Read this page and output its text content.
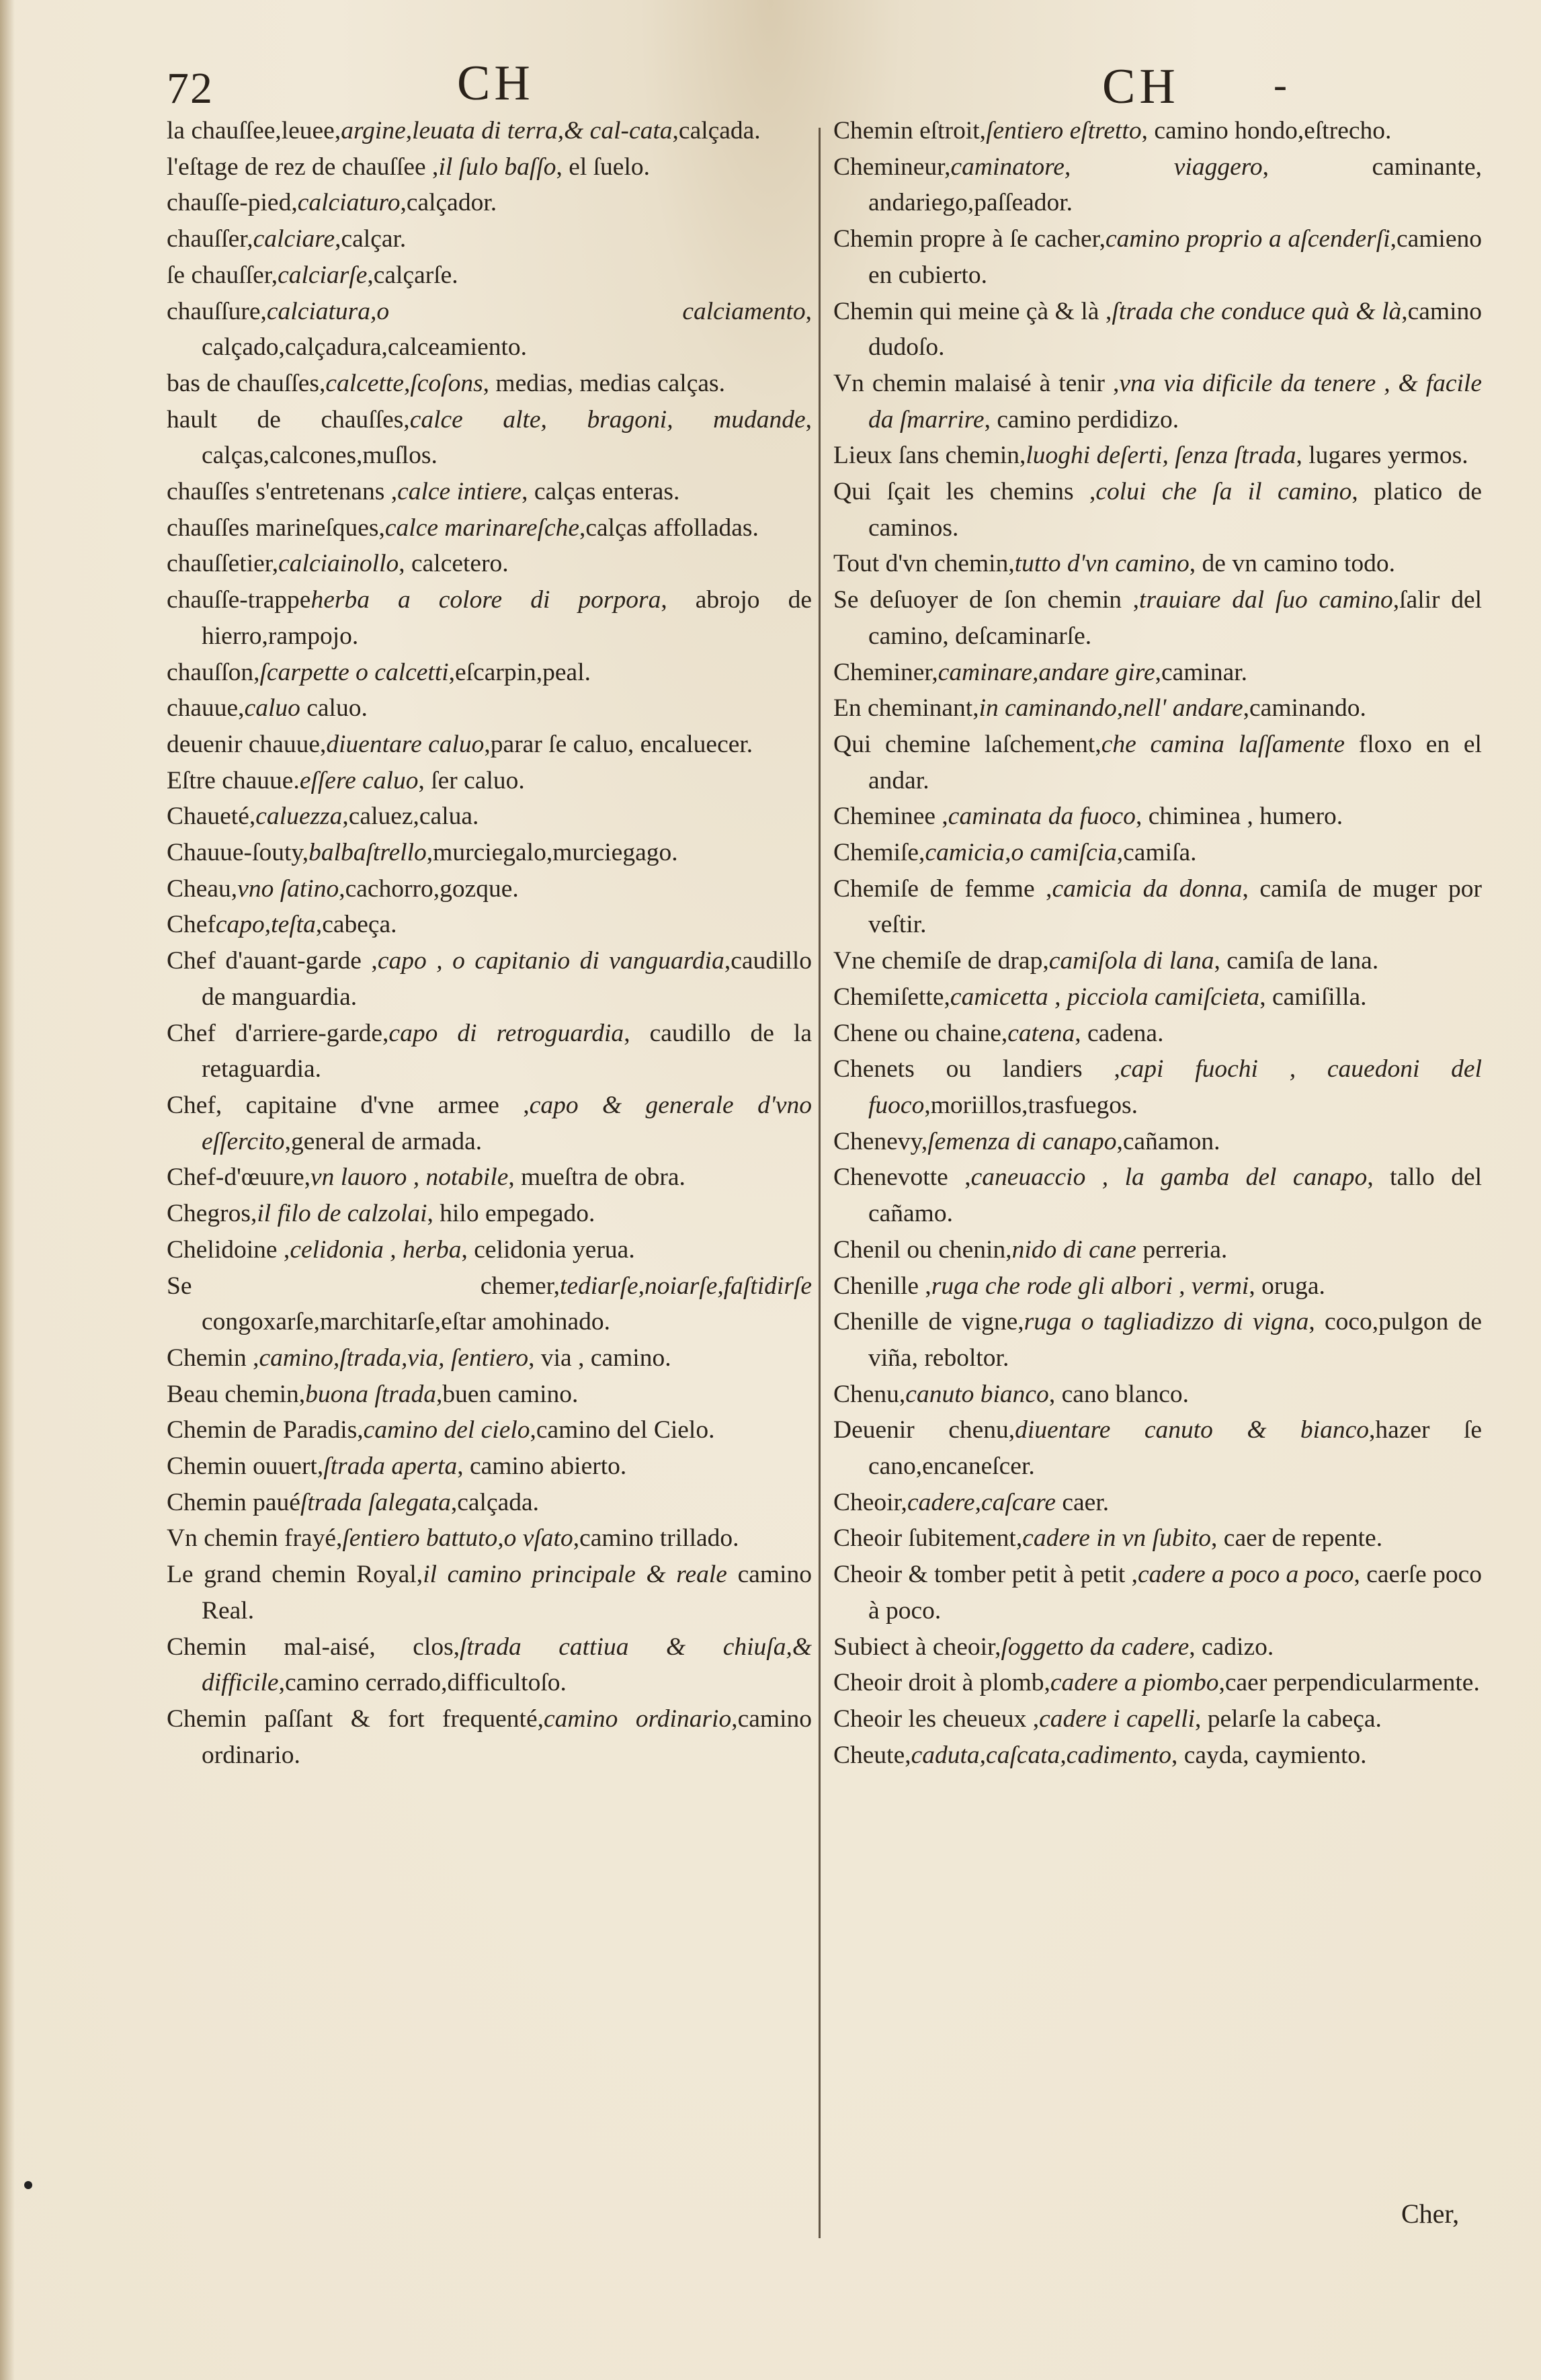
72	CH	CH -
la chauſſee,leuee,argine,leuata di terra,& cal-cata,calçada.
l'eſtage de rez de chauſſee ,il ſulo baſſo, el ſuelo.
chauſſe-pied,calciaturo,calçador.
chauſſer,calciare,calçar.
ſe chauſſer,calciarſe,calçarſe.
chauſſure,calciatura,o calciamento, calçado,calçadura,calceamiento.
bas de chauſſes,calcette,ſcoſons, medias, medias calças.
hault de chauſſes,calce alte, bragoni, mudande, calças,calcones,muſlos.
chauſſes s'entretenans ,calce intiere, calças enteras.
chauſſes marineſques,calce marinareſche,calças affolladas.
chauſſetier,calciainollo, calcetero.
chauſſe-trappeherba a colore di porpora, abrojo de hierro,rampojo.
chauſſon,ſcarpette o calcetti,eſcarpin,peal.
chauue,caluo caluo.
deuenir chauue,diuentare caluo,parar ſe caluo, encaluecer.
Eſtre chauue.eſſere caluo, ſer caluo.
Chaueté,caluezza,caluez,calua.
Chauue-ſouty,balbaſtrello,murciegalo,murciegago.
Cheau,vno ſatino,cachorro,gozque.
Chefcapo,teſta,cabeça.
Chef d'auant-garde ,capo , o capitanio di vanguardia,caudillo de manguardia.
Chef d'arriere-garde,capo di retroguardia, caudillo de la retaguardia.
Chef, capitaine d'vne armee ,capo & generale d'vno eſſercito,general de armada.
Chef-d'œuure,vn lauoro , notabile, mueſtra de obra.
Chegros,il filo de calzolai, hilo empegado.
Chelidoine ,celidonia , herba, celidonia yerua.
Se chemer,tediarſe,noiarſe,faſtidirſe congoxarſe,marchitarſe,eſtar amohinado.
Chemin ,camino,ſtrada,via, ſentiero, via , camino.
Beau chemin,buona ſtrada,buen camino.
Chemin de Paradis,camino del cielo,camino del Cielo.
Chemin ouuert,ſtrada aperta, camino abierto.
Chemin pauéſtrada ſalegata,calçada.
Vn chemin frayé,ſentiero battuto,o vſato,camino trillado.
Le grand chemin Royal,il camino principale & reale camino Real.
Chemin mal-aisé, clos,ſtrada cattiua & chiuſa,& difficile,camino cerrado,difficultoſo.
Chemin paſſant & fort frequenté,camino ordinario,camino ordinario.
Chemin eſtroit,ſentiero eſtretto, camino hondo,eſtrecho.
Chemineur,caminatore, viaggero, caminante, andariego,paſſeador.
Chemin propre à ſe cacher,camino proprio a aſcenderſi,camieno en cubierto.
Chemin qui meine çà & là ,ſtrada che conduce quà & là,camino dudoſo.
Vn chemin malaisé à tenir ,vna via dificile da tenere , & facile da ſmarrire, camino perdidizo.
Lieux ſans chemin,luoghi deſerti, ſenza ſtrada, lugares yermos.
Qui ſçait les chemins ,colui che ſa il camino, platico de caminos.
Tout d'vn chemin,tutto d'vn camino, de vn camino todo.
Se deſuoyer de ſon chemin ,trauiare dal ſuo camino,ſalir del camino, deſcaminarſe.
Cheminer,caminare,andare gire,caminar.
En cheminant,in caminando,nell' andare,caminando.
Qui chemine laſchement,che camina laſſamente floxo en el andar.
Cheminee ,caminata da fuoco, chiminea , humero.
Chemiſe,camicia,o camiſcia,camiſa.
Chemiſe de femme ,camicia da donna, camiſa de muger por veſtir.
Vne chemiſe de drap,camiſola di lana, camiſa de lana.
Chemiſette,camicetta , picciola camiſcieta, camiſilla.
Chene ou chaine,catena, cadena.
Chenets ou landiers ,capi fuochi , cauedoni del fuoco,moriillos,trasfuegos.
Chenevy,ſemenza di canapo,cañamon.
Chenevotte ,caneuaccio , la gamba del canapo, tallo del cañamo.
Chenil ou chenin,nido di cane perreria.
Chenille ,ruga che rode gli albori , vermi, oruga.
Chenille de vigne,ruga o tagliadizzo di vigna, coco,pulgon de viña, reboltor.
Chenu,canuto bianco, cano blanco.
Deuenir chenu,diuentare canuto & bianco,hazer ſe cano,encaneſcer.
Cheoir,cadere,caſcare caer.
Cheoir ſubitement,cadere in vn ſubito, caer de repente.
Cheoir & tomber petit à petit ,cadere a poco a poco, caerſe poco à poco.
Subiect à cheoir,ſoggetto da cadere, cadizo.
Cheoir droit à plomb,cadere a piombo,caer perpendicularmente.
Cheoir les cheueux ,cadere i capelli, pelarſe la cabeça.
Cheute,caduta,caſcata,cadimento, cayda, caymiento.
Cher,
